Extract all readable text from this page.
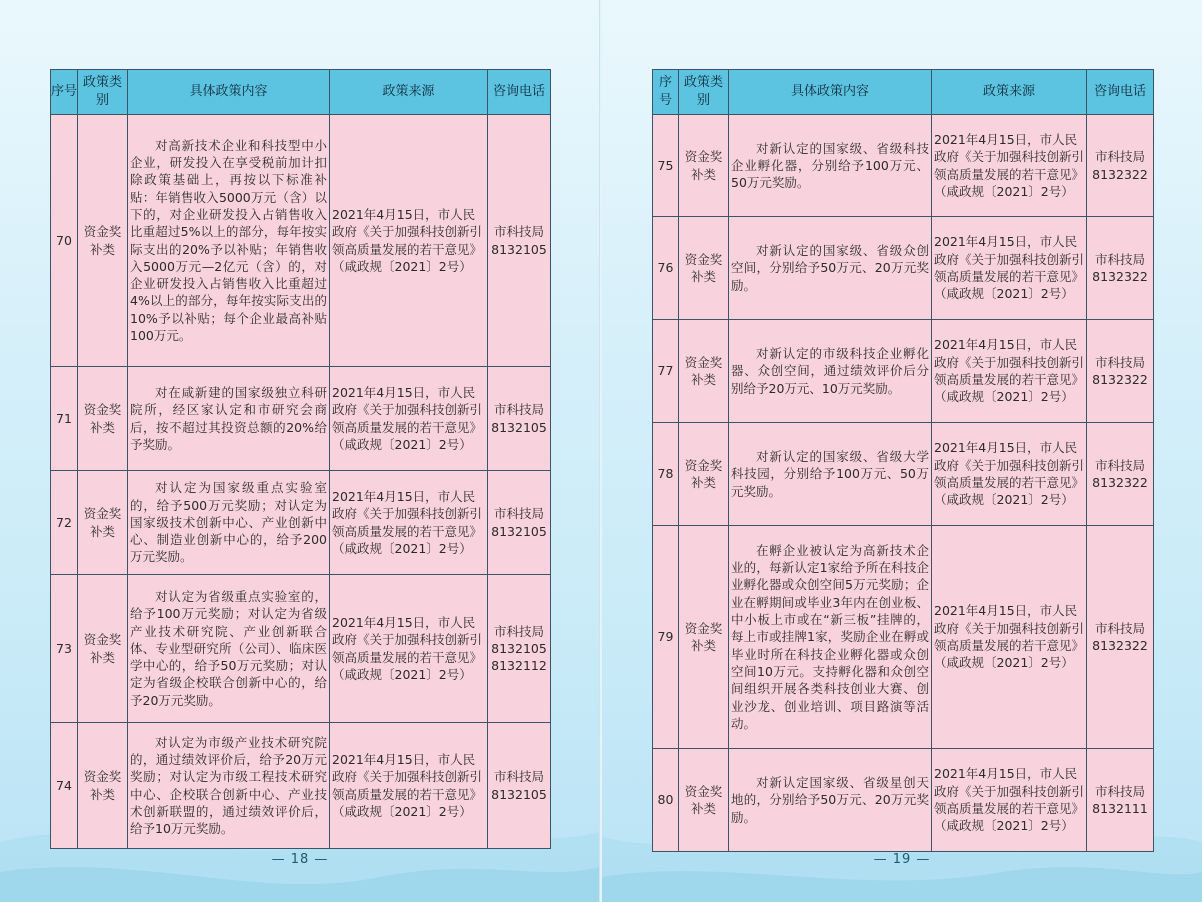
序号	政策类别	具体政策内容	政策来源	咨询电话
70	资金奖补类	对高新技术企业和科技型中小企业，研发投入在享受税前加计扣除政策基础上，再按以下标准补贴：年销售收入5000万元（含）以下的，对企业研发投入占销售收入比重超过5%以上的部分，每年按实际支出的20%予以补贴；年销售收入5000万元—2亿元（含）的，对企业研发投入占销售收入比重超过4%以上的部分，每年按实际支出的10%予以补贴；每个企业最高补贴100万元。	2021年4月15日，市人民政府《关于加强科技创新引领高质量发展的若干意见》（咸政规〔2021〕2号）	市科技局8132105
71	资金奖补类	对在咸新建的国家级独立科研院所，经区家认定和市研究会商后，按不超过其投资总额的20%给予奖励。	2021年4月15日，市人民政府《关于加强科技创新引领高质量发展的若干意见》（咸政规〔2021〕2号）	市科技局8132105
72	资金奖补类	对认定为国家级重点实验室的，给予500万元奖励；对认定为国家级技术创新中心、产业创新中心、制造业创新中心的，给予200万元奖励。	2021年4月15日，市人民政府《关于加强科技创新引领高质量发展的若干意见》（咸政规〔2021〕2号）	市科技局8132105
73	资金奖补类	对认定为省级重点实验室的，给予100万元奖励；对认定为省级产业技术研究院、产业创新联合体、专业型研究所（公司）、临床医学中心的，给予50万元奖励；对认定为省级企校联合创新中心的，给予20万元奖励。	2021年4月15日，市人民政府《关于加强科技创新引领高质量发展的若干意见》（咸政规〔2021〕2号）	市科技局8132105 8132112
74	资金奖补类	对认定为市级产业技术研究院的，通过绩效评价后，给予20万元奖励；对认定为市级工程技术研究中心、企校联合创新中心、产业技术创新联盟的，通过绩效评价后，给予10万元奖励。	2021年4月15日，市人民政府《关于加强科技创新引领高质量发展的若干意见》（咸政规〔2021〕2号）	市科技局8132105
— 18 —
序号	政策类别	具体政策内容	政策来源	咨询电话
75	资金奖补类	对新认定的国家级、省级科技企业孵化器，分别给予100万元、50万元奖励。	2021年4月15日，市人民政府《关于加强科技创新引领高质量发展的若干意见》（咸政规〔2021〕2号）	市科技局8132322
76	资金奖补类	对新认定的国家级、省级众创空间，分别给予50万元、20万元奖励。	2021年4月15日，市人民政府《关于加强科技创新引领高质量发展的若干意见》（咸政规〔2021〕2号）	市科技局8132322
77	资金奖补类	对新认定的市级科技企业孵化器、众创空间，通过绩效评价后分别给予20万元、10万元奖励。	2021年4月15日，市人民政府《关于加强科技创新引领高质量发展的若干意见》（咸政规〔2021〕2号）	市科技局8132322
78	资金奖补类	对新认定的国家级、省级大学科技园，分别给予100万元、50万元奖励。	2021年4月15日，市人民政府《关于加强科技创新引领高质量发展的若干意见》（咸政规〔2021〕2号）	市科技局8132322
79	资金奖补类	在孵企业被认定为高新技术企业的，每新认定1家给予所在科技企业孵化器或众创空间5万元奖励；企业在孵期间或毕业3年内在创业板、中小板上市或在“新三板”挂牌的，每上市或挂牌1家，奖励企业在孵或毕业时所在科技企业孵化器或众创空间10万元。支持孵化器和众创空间组织开展各类科技创业大赛、创业沙龙、创业培训、项目路演等活动。	2021年4月15日，市人民政府《关于加强科技创新引领高质量发展的若干意见》（咸政规〔2021〕2号）	市科技局8132322
80	资金奖补类	对新认定国家级、省级星创天地的，分别给予50万元、20万元奖励。	2021年4月15日，市人民政府《关于加强科技创新引领高质量发展的若干意见》（咸政规〔2021〕2号）	市科技局8132111
— 19 —
